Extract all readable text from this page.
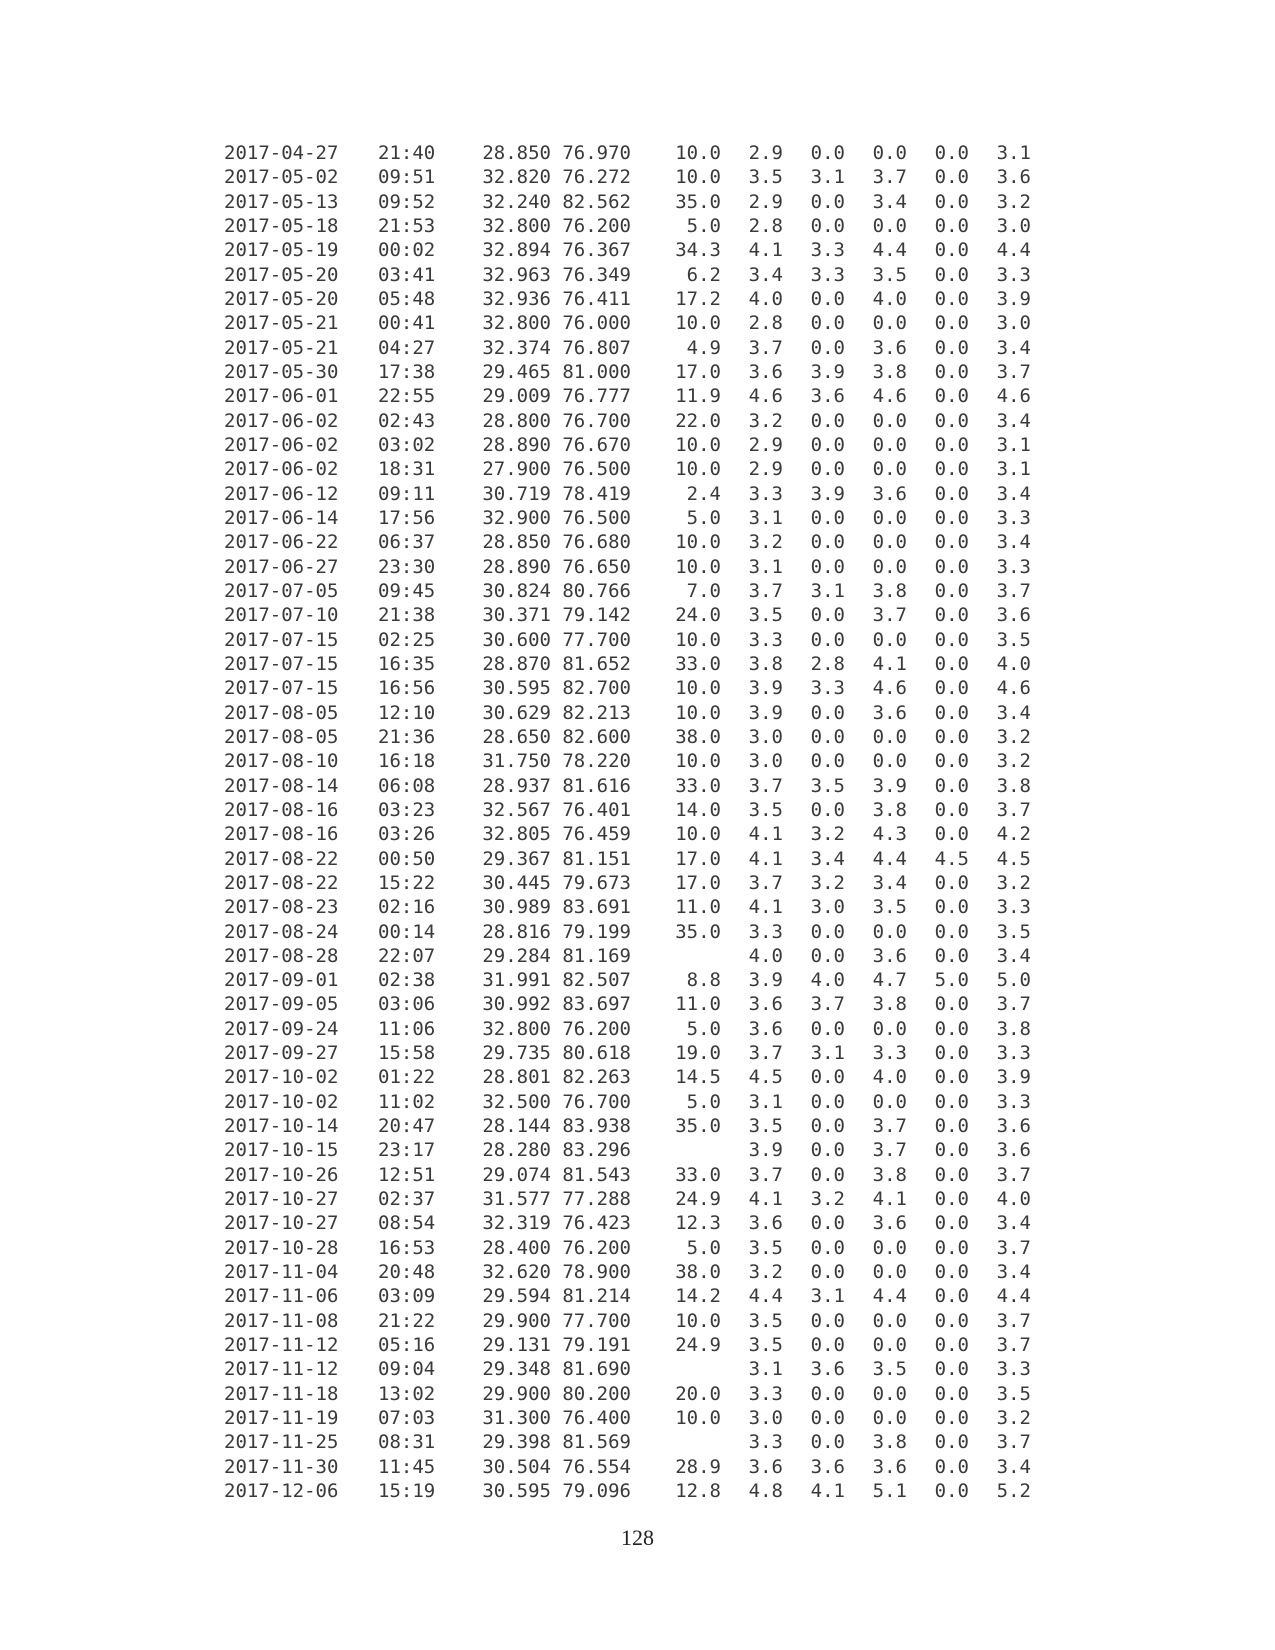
2017-04-27	21:40	28.850	76.970	10.0	2.9	0.0	0.0	0.0	3.1
2017-05-02	09:51	32.820	76.272	10.0	3.5	3.1	3.7	0.0	3.6
2017-05-13	09:52	32.240	82.562	35.0	2.9	0.0	3.4	0.0	3.2
2017-05-18	21:53	32.800	76.200	5.0	2.8	0.0	0.0	0.0	3.0
2017-05-19	00:02	32.894	76.367	34.3	4.1	3.3	4.4	0.0	4.4
2017-05-20	03:41	32.963	76.349	6.2	3.4	3.3	3.5	0.0	3.3
2017-05-20	05:48	32.936	76.411	17.2	4.0	0.0	4.0	0.0	3.9
2017-05-21	00:41	32.800	76.000	10.0	2.8	0.0	0.0	0.0	3.0
2017-05-21	04:27	32.374	76.807	4.9	3.7	0.0	3.6	0.0	3.4
2017-05-30	17:38	29.465	81.000	17.0	3.6	3.9	3.8	0.0	3.7
2017-06-01	22:55	29.009	76.777	11.9	4.6	3.6	4.6	0.0	4.6
2017-06-02	02:43	28.800	76.700	22.0	3.2	0.0	0.0	0.0	3.4
2017-06-02	03:02	28.890	76.670	10.0	2.9	0.0	0.0	0.0	3.1
2017-06-02	18:31	27.900	76.500	10.0	2.9	0.0	0.0	0.0	3.1
2017-06-12	09:11	30.719	78.419	2.4	3.3	3.9	3.6	0.0	3.4
2017-06-14	17:56	32.900	76.500	5.0	3.1	0.0	0.0	0.0	3.3
2017-06-22	06:37	28.850	76.680	10.0	3.2	0.0	0.0	0.0	3.4
2017-06-27	23:30	28.890	76.650	10.0	3.1	0.0	0.0	0.0	3.3
2017-07-05	09:45	30.824	80.766	7.0	3.7	3.1	3.8	0.0	3.7
2017-07-10	21:38	30.371	79.142	24.0	3.5	0.0	3.7	0.0	3.6
2017-07-15	02:25	30.600	77.700	10.0	3.3	0.0	0.0	0.0	3.5
2017-07-15	16:35	28.870	81.652	33.0	3.8	2.8	4.1	0.0	4.0
2017-07-15	16:56	30.595	82.700	10.0	3.9	3.3	4.6	0.0	4.6
2017-08-05	12:10	30.629	82.213	10.0	3.9	0.0	3.6	0.0	3.4
2017-08-05	21:36	28.650	82.600	38.0	3.0	0.0	0.0	0.0	3.2
2017-08-10	16:18	31.750	78.220	10.0	3.0	0.0	0.0	0.0	3.2
2017-08-14	06:08	28.937	81.616	33.0	3.7	3.5	3.9	0.0	3.8
2017-08-16	03:23	32.567	76.401	14.0	3.5	0.0	3.8	0.0	3.7
2017-08-16	03:26	32.805	76.459	10.0	4.1	3.2	4.3	0.0	4.2
2017-08-22	00:50	29.367	81.151	17.0	4.1	3.4	4.4	4.5	4.5
2017-08-22	15:22	30.445	79.673	17.0	3.7	3.2	3.4	0.0	3.2
2017-08-23	02:16	30.989	83.691	11.0	4.1	3.0	3.5	0.0	3.3
2017-08-24	00:14	28.816	79.199	35.0	3.3	0.0	0.0	0.0	3.5
2017-08-28	22:07	29.284	81.169		4.0	0.0	3.6	0.0	3.4
2017-09-01	02:38	31.991	82.507	8.8	3.9	4.0	4.7	5.0	5.0
2017-09-05	03:06	30.992	83.697	11.0	3.6	3.7	3.8	0.0	3.7
2017-09-24	11:06	32.800	76.200	5.0	3.6	0.0	0.0	0.0	3.8
2017-09-27	15:58	29.735	80.618	19.0	3.7	3.1	3.3	0.0	3.3
2017-10-02	01:22	28.801	82.263	14.5	4.5	0.0	4.0	0.0	3.9
2017-10-02	11:02	32.500	76.700	5.0	3.1	0.0	0.0	0.0	3.3
2017-10-14	20:47	28.144	83.938	35.0	3.5	0.0	3.7	0.0	3.6
2017-10-15	23:17	28.280	83.296		3.9	0.0	3.7	0.0	3.6
2017-10-26	12:51	29.074	81.543	33.0	3.7	0.0	3.8	0.0	3.7
2017-10-27	02:37	31.577	77.288	24.9	4.1	3.2	4.1	0.0	4.0
2017-10-27	08:54	32.319	76.423	12.3	3.6	0.0	3.6	0.0	3.4
2017-10-28	16:53	28.400	76.200	5.0	3.5	0.0	0.0	0.0	3.7
2017-11-04	20:48	32.620	78.900	38.0	3.2	0.0	0.0	0.0	3.4
2017-11-06	03:09	29.594	81.214	14.2	4.4	3.1	4.4	0.0	4.4
2017-11-08	21:22	29.900	77.700	10.0	3.5	0.0	0.0	0.0	3.7
2017-11-12	05:16	29.131	79.191	24.9	3.5	0.0	0.0	0.0	3.7
2017-11-12	09:04	29.348	81.690		3.1	3.6	3.5	0.0	3.3
2017-11-18	13:02	29.900	80.200	20.0	3.3	0.0	0.0	0.0	3.5
2017-11-19	07:03	31.300	76.400	10.0	3.0	0.0	0.0	0.0	3.2
2017-11-25	08:31	29.398	81.569		3.3	0.0	3.8	0.0	3.7
2017-11-30	11:45	30.504	76.554	28.9	3.6	3.6	3.6	0.0	3.4
2017-12-06	15:19	30.595	79.096	12.8	4.8	4.1	5.1	0.0	5.2
128
